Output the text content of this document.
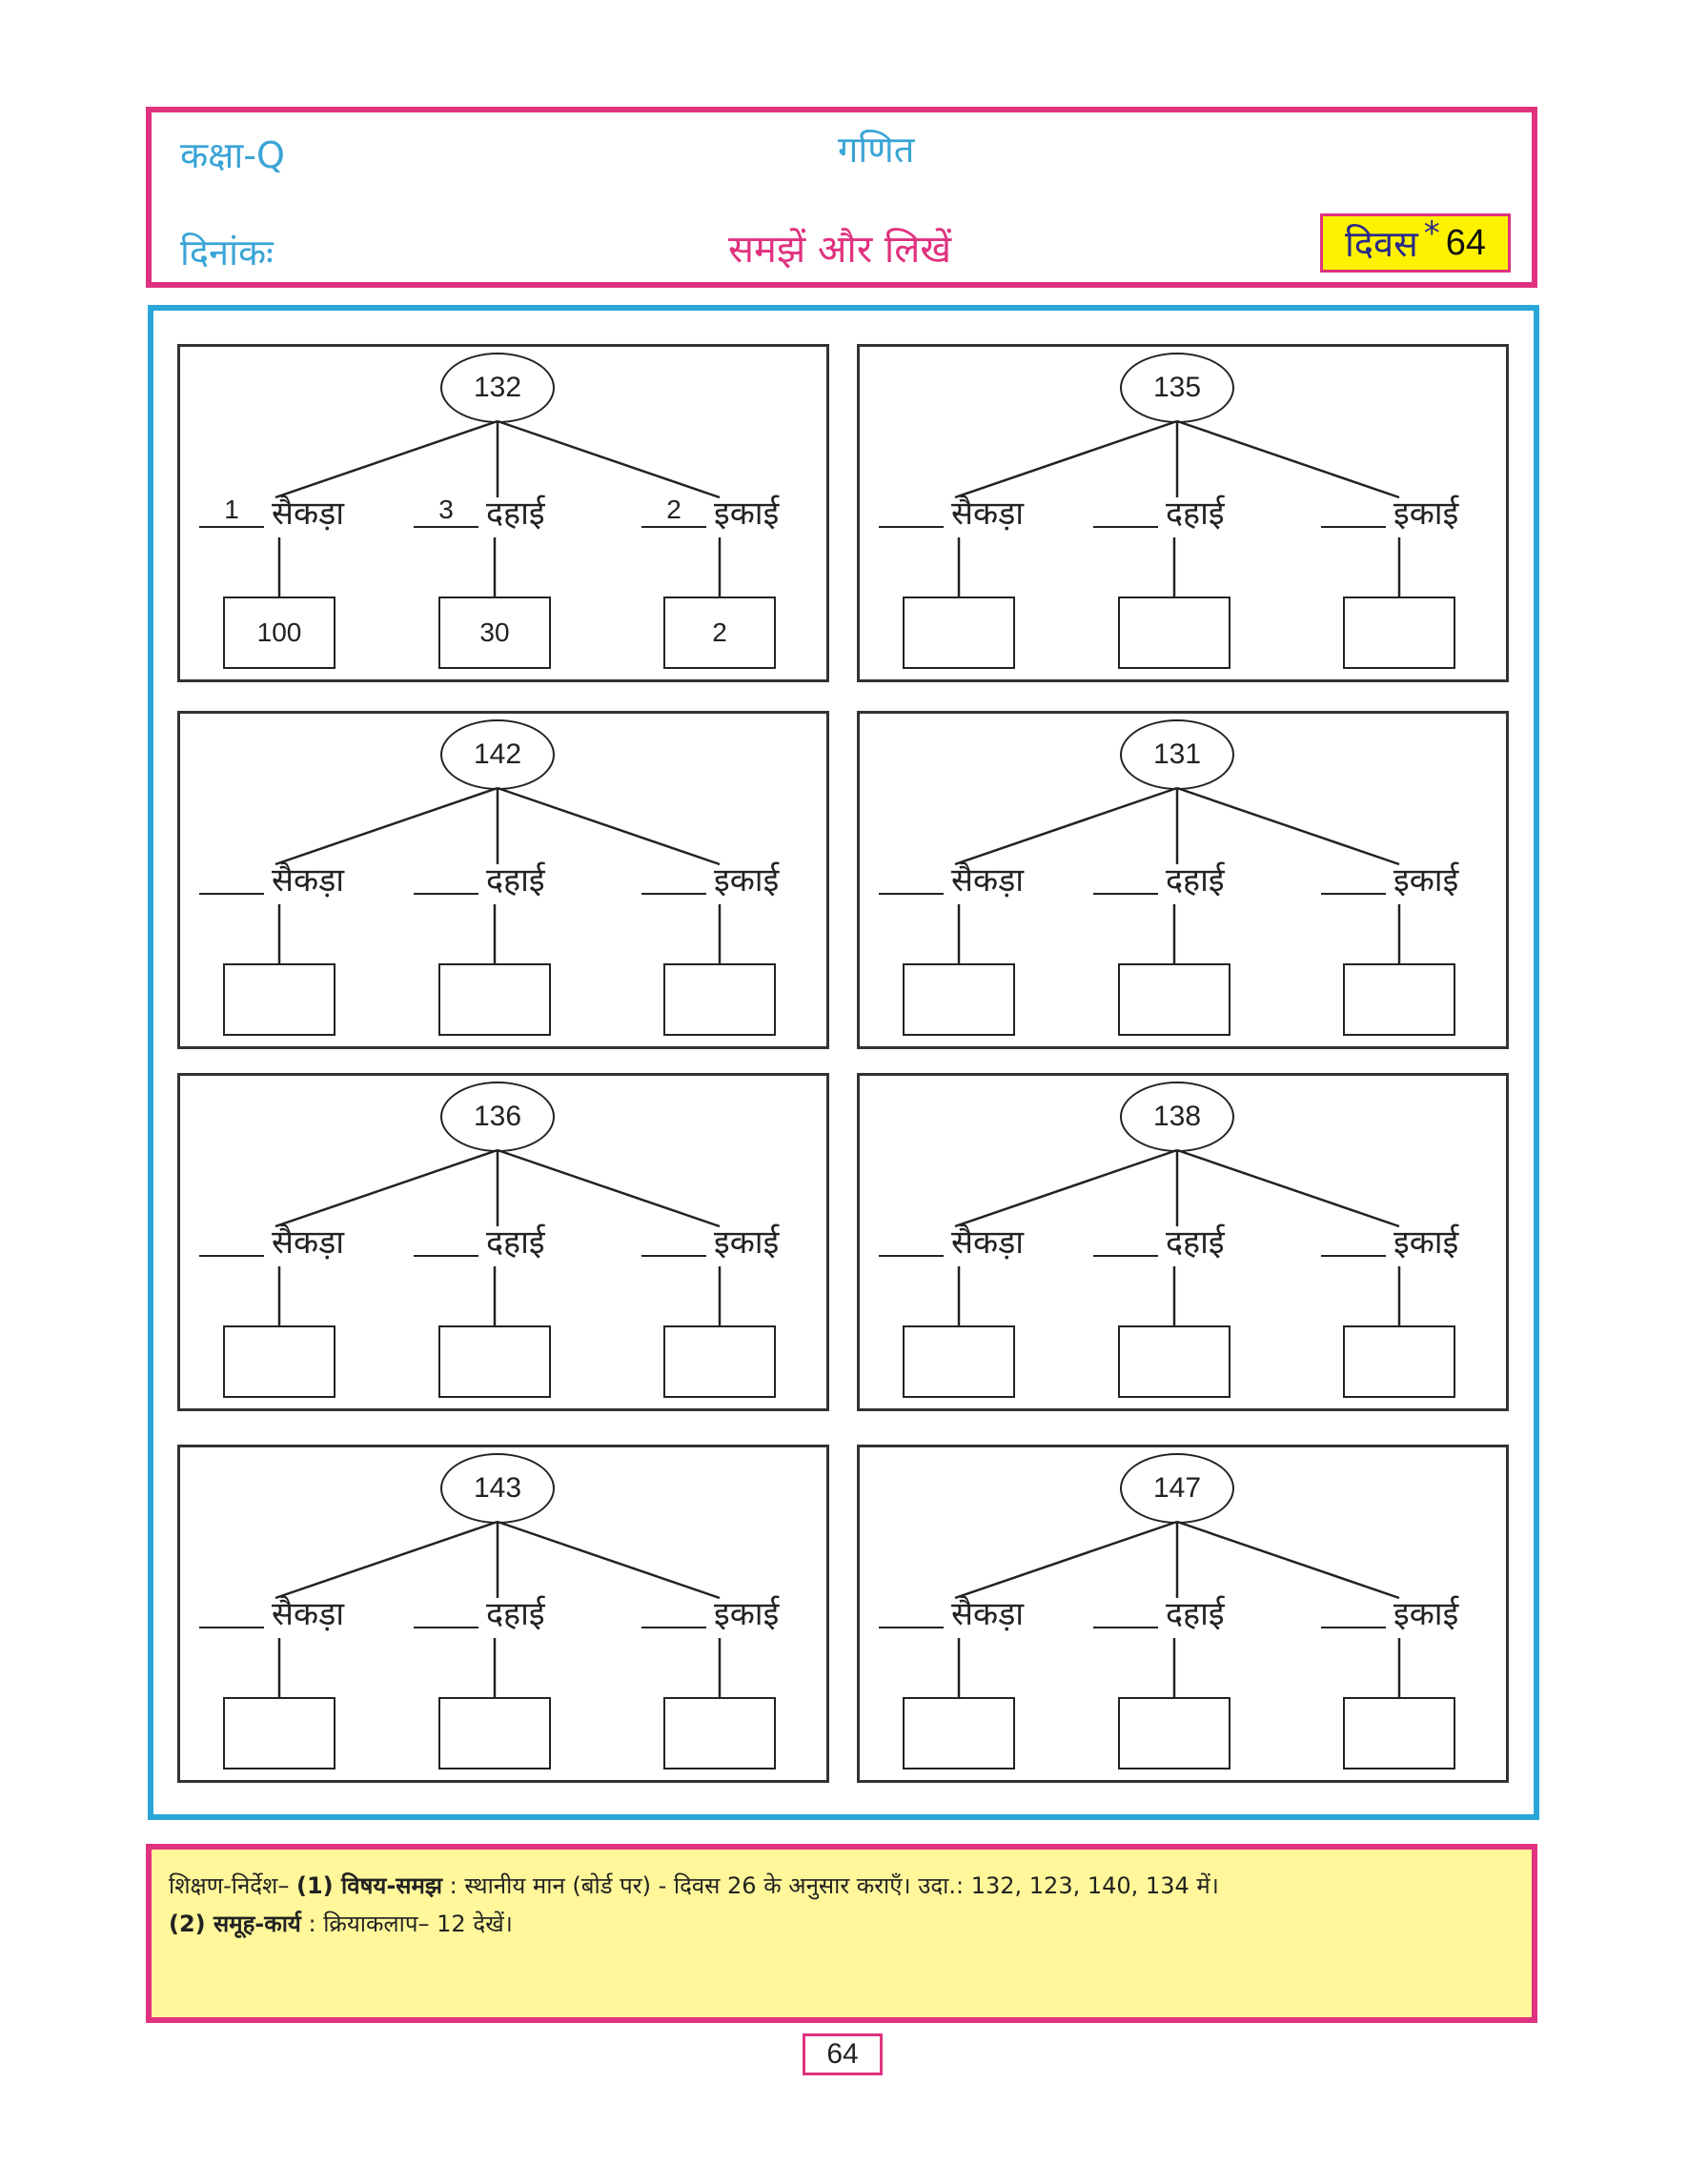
कक्षा-Q	गणित
दिनांकः	समझें और लिखें	दिवस * 64
132
1	सैकड़ा	3	दहाई	2	इकाई
100	30	2
135
सैकड़ा	दहाई	इकाई
142
सैकड़ा	दहाई	इकाई
131
सैकड़ा	दहाई	इकाई
136
सैकड़ा	दहाई	इकाई
138
सैकड़ा	दहाई	इकाई
143
सैकड़ा	दहाई	इकाई
147
सैकड़ा	दहाई	इकाई
शिक्षण-निर्देश– (1) विषय-समझ : स्थानीय मान (बोर्ड पर) - दिवस 26 के अनुसार कराएँ। उदा.: 132, 123, 140, 134 में।
(2) समूह-कार्य : क्रियाकलाप– 12 देखें।
64
